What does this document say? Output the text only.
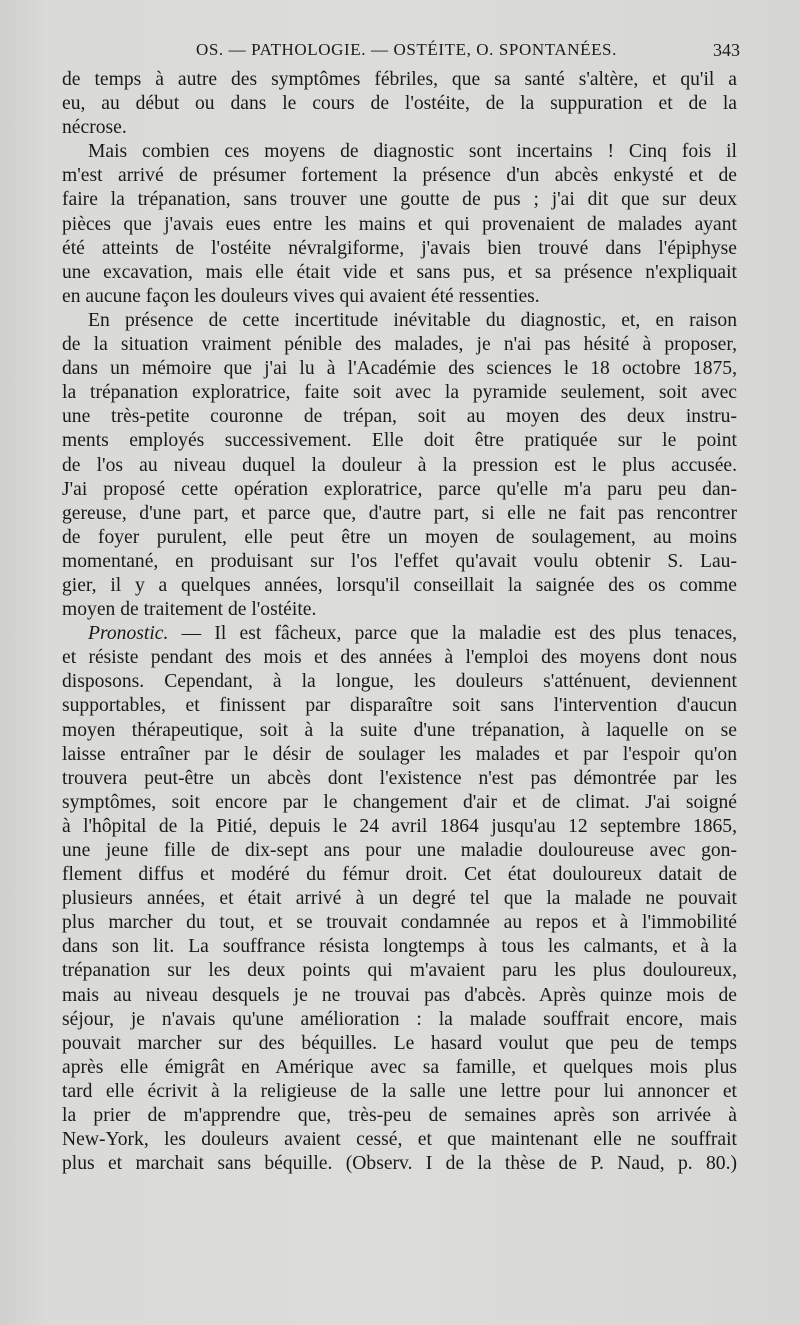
OS. — PATHOLOGIE. — OSTÉITE, O. SPONTANÉES.	343

de temps à autre des symptômes fébriles, que sa santé s'altère, et qu'il a
eu, au début ou dans le cours de l'ostéite, de la suppuration et de la
nécrose.

Mais combien ces moyens de diagnostic sont incertains ! Cinq fois il
m'est arrivé de présumer fortement la présence d'un abcès enkysté et de
faire la trépanation, sans trouver une goutte de pus ; j'ai dit que sur deux
pièces que j'avais eues entre les mains et qui provenaient de malades ayant
été atteints de l'ostéite névralgiforme, j'avais bien trouvé dans l'épiphyse
une excavation, mais elle était vide et sans pus, et sa présence n'expliquait
en aucune façon les douleurs vives qui avaient été ressenties.

En présence de cette incertitude inévitable du diagnostic, et, en raison
de la situation vraiment pénible des malades, je n'ai pas hésité à proposer,
dans un mémoire que j'ai lu à l'Académie des sciences le 18 octobre 1875,
la trépanation exploratrice, faite soit avec la pyramide seulement, soit avec
une très-petite couronne de trépan, soit au moyen des deux instru-
ments employés successivement. Elle doit être pratiquée sur le point
de l'os au niveau duquel la douleur à la pression est le plus accusée.
J'ai proposé cette opération exploratrice, parce qu'elle m'a paru peu dan-
gereuse, d'une part, et parce que, d'autre part, si elle ne fait pas rencontrer
de foyer purulent, elle peut être un moyen de soulagement, au moins
momentané, en produisant sur l'os l'effet qu'avait voulu obtenir S. Lau-
gier, il y a quelques années, lorsqu'il conseillait la saignée des os comme
moyen de traitement de l'ostéite.

Pronostic. — Il est fâcheux, parce que la maladie est des plus tenaces,
et résiste pendant des mois et des années à l'emploi des moyens dont nous
disposons. Cependant, à la longue, les douleurs s'atténuent, deviennent
supportables, et finissent par disparaître soit sans l'intervention d'aucun
moyen thérapeutique, soit à la suite d'une trépanation, à laquelle on se
laisse entraîner par le désir de soulager les malades et par l'espoir qu'on
trouvera peut-être un abcès dont l'existence n'est pas démontrée par les
symptômes, soit encore par le changement d'air et de climat. J'ai soigné
à l'hôpital de la Pitié, depuis le 24 avril 1864 jusqu'au 12 septembre 1865,
une jeune fille de dix-sept ans pour une maladie douloureuse avec gon-
flement diffus et modéré du fémur droit. Cet état douloureux datait de
plusieurs années, et était arrivé à un degré tel que la malade ne pouvait
plus marcher du tout, et se trouvait condamnée au repos et à l'immobilité
dans son lit. La souffrance résista longtemps à tous les calmants, et à la
trépanation sur les deux points qui m'avaient paru les plus douloureux,
mais au niveau desquels je ne trouvai pas d'abcès. Après quinze mois de
séjour, je n'avais qu'une amélioration : la malade souffrait encore, mais
pouvait marcher sur des béquilles. Le hasard voulut que peu de temps
après elle émigrât en Amérique avec sa famille, et quelques mois plus
tard elle écrivit à la religieuse de la salle une lettre pour lui annoncer et
la prier de m'apprendre que, très-peu de semaines après son arrivée à
New-York, les douleurs avaient cessé, et que maintenant elle ne souffrait
plus et marchait sans béquille. (Observ. I de la thèse de P. Naud, p. 80.)
